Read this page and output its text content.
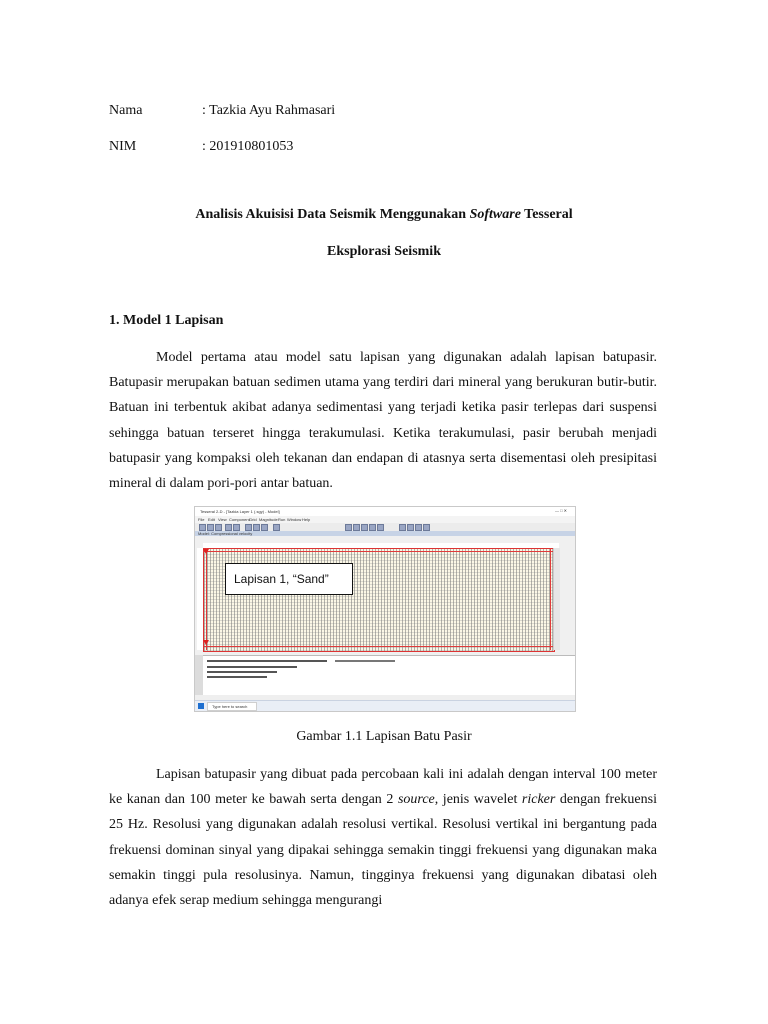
Nama	: Tazkia Ayu Rahmasari
NIM	: 201910801053
Analisis Akuisisi Data Seismik Menggunakan Software Tesseral
Eksplorasi Seismik
1. Model 1 Lapisan

Model pertama atau model satu lapisan yang digunakan adalah lapisan batupasir. Batupasir merupakan batuan sedimen utama yang terdiri dari mineral yang berukuran butir-butir. Batuan ini terbentuk akibat adanya sedimentasi yang terjadi ketika pasir terlepas dari suspensi sehingga batuan terseret hingga terakumulasi. Ketika terakumulasi, pasir berubah menjadi batupasir yang kompaksi oleh tekanan dan endapan di atasnya serta disementasi oleh presipitasi mineral di dalam pori-pori antar batuan.

Tesseral 2-D - [Tazkia Layer 1 (.sgy) - Model]	— □ ✕
File Edit View Component Grid Magnitude Run Window Help
Model: Compressional velocity
Type here to search
Lapisan 1, “Sand”
Gambar 1.1 Lapisan Batu Pasir

Lapisan batupasir yang dibuat pada percobaan kali ini adalah dengan interval 100 meter ke kanan dan 100 meter ke bawah serta dengan 2 source, jenis wavelet ricker dengan frekuensi 25 Hz. Resolusi yang digunakan adalah resolusi vertikal. Resolusi vertikal ini bergantung pada frekuensi dominan sinyal yang dipakai sehingga semakin tinggi frekuensi yang digunakan maka semakin tinggi pula resolusinya. Namun, tingginya frekuensi yang digunakan dibatasi oleh adanya efek serap medium sehingga mengurangi
